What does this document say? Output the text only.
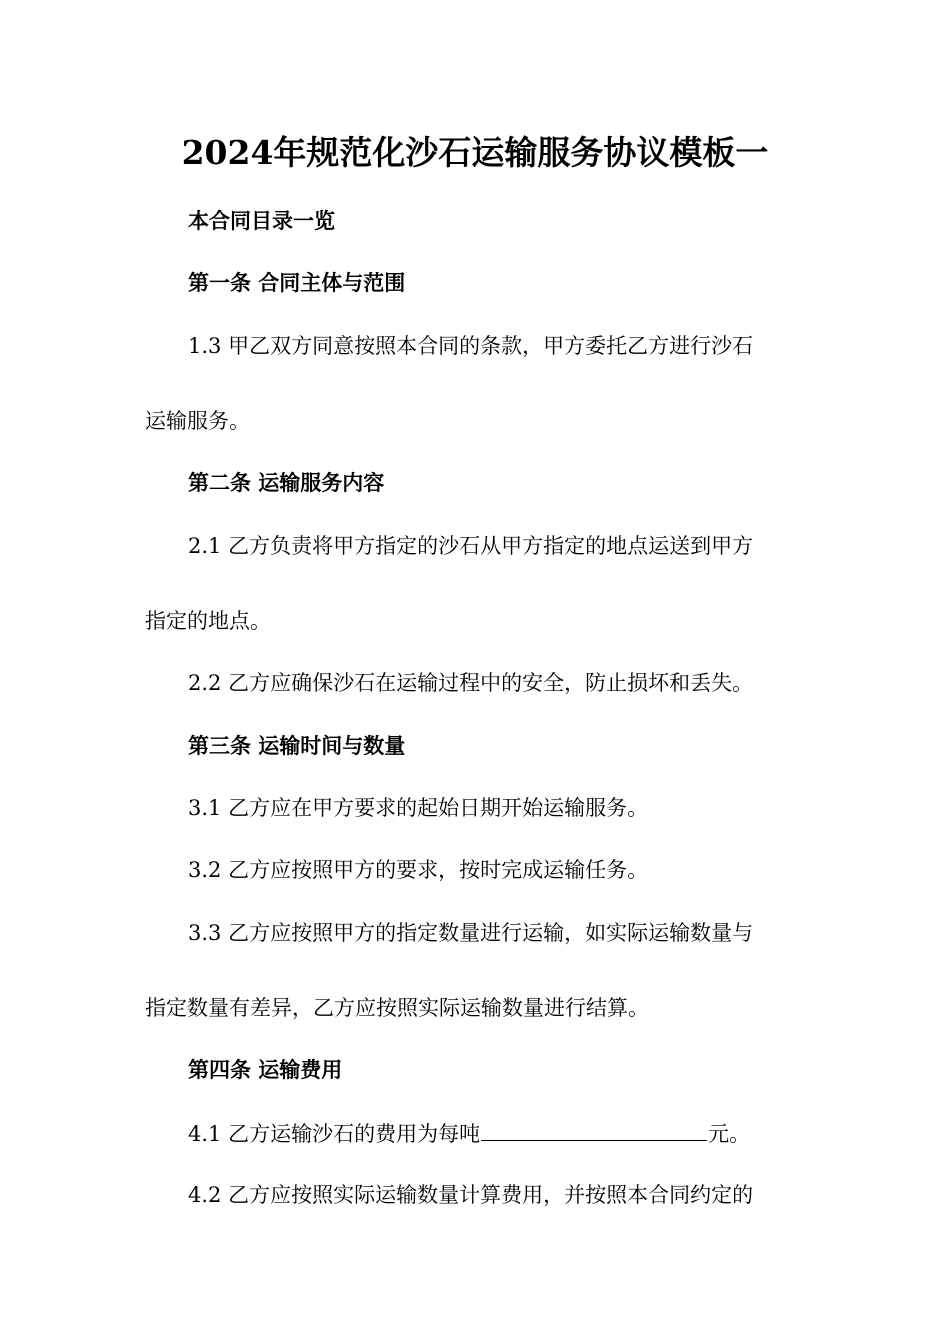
2024年规范化沙石运输服务协议模板一
本合同目录一览
第一条 合同主体与范围
1.3 甲乙双方同意按照本合同的条款，甲方委托乙方进行沙石
运输服务。
第二条 运输服务内容
2.1 乙方负责将甲方指定的沙石从甲方指定的地点运送到甲方
指定的地点。
2.2 乙方应确保沙石在运输过程中的安全，防止损坏和丢失。
第三条 运输时间与数量
3.1 乙方应在甲方要求的起始日期开始运输服务。
3.2 乙方应按照甲方的要求，按时完成运输任务。
3.3 乙方应按照甲方的指定数量进行运输，如实际运输数量与
指定数量有差异，乙方应按照实际运输数量进行结算。
第四条 运输费用
4.1 乙方运输沙石的费用为每吨	元。
4.2 乙方应按照实际运输数量计算费用，并按照本合同约定的
